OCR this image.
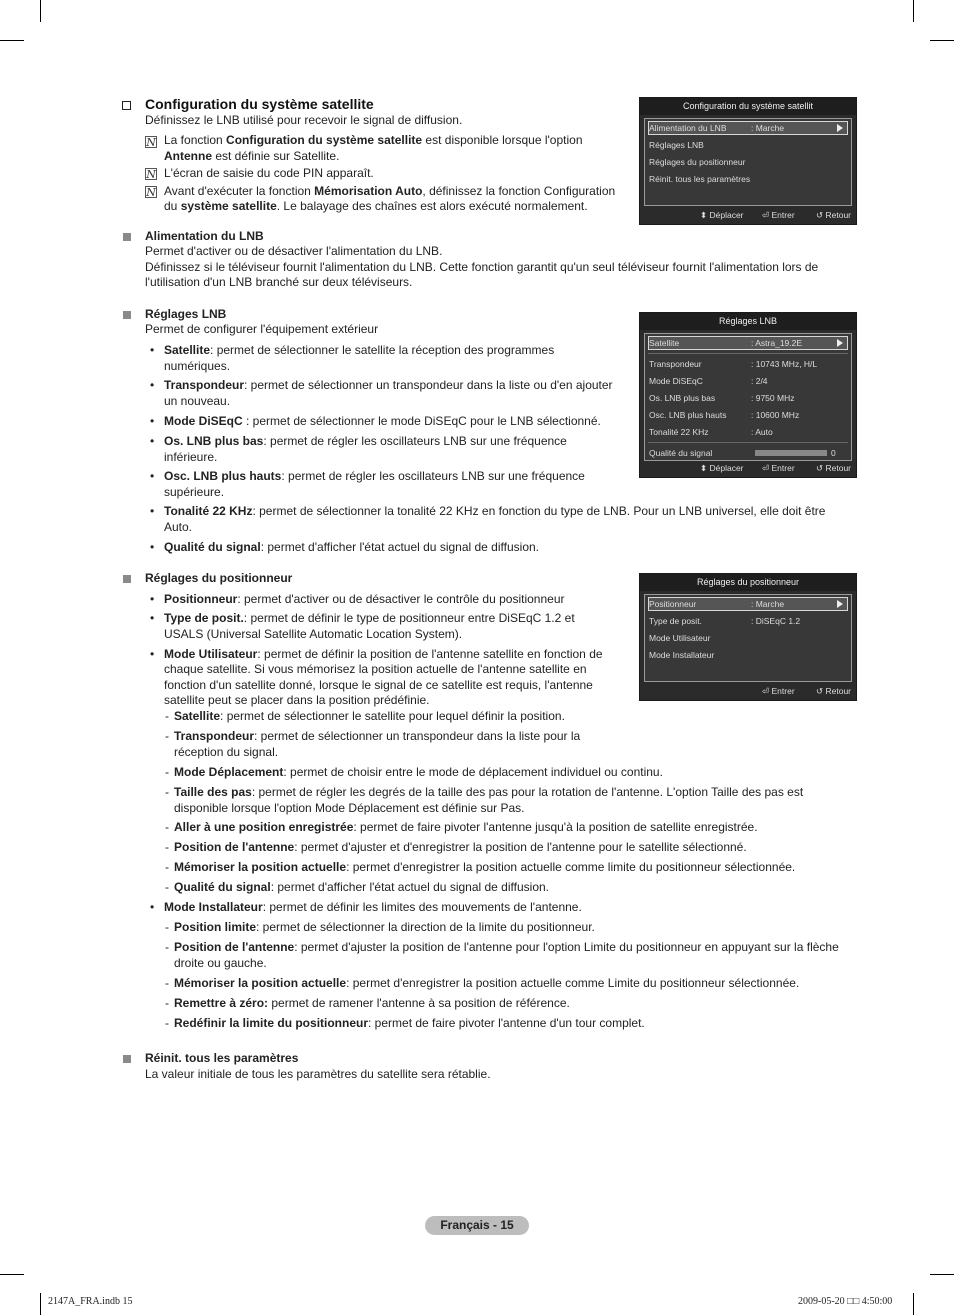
Configuration du système satellite
Définissez le LNB utilisé pour recevoir le signal de diffusion.
N La fonction Configuration du système satellite est disponible lorsque l'option
Antenne est définie sur Satellite.
N L'écran de saisie du code PIN apparaît.
N Avant d'exécuter la fonction Mémorisation Auto, définissez la fonction Configuration
du système satellite. Le balayage des chaînes est alors exécuté normalement.
Alimentation du LNB
Permet d'activer ou de désactiver l'alimentation du LNB.
Définissez si le téléviseur fournit l'alimentation du LNB. Cette fonction garantit qu'un seul téléviseur fournit l'alimentation lors de
l'utilisation d'un LNB branché sur deux téléviseurs.
Réglages LNB
Permet de configurer l'équipement extérieur
• Satellite: permet de sélectionner le satellite la réception des programmes
numériques.
• Transpondeur: permet de sélectionner un transpondeur dans la liste ou d'en ajouter
un nouveau.
• Mode DiSEqC : permet de sélectionner le mode DiSEqC pour le LNB sélectionné.
• Os. LNB plus bas: permet de régler les oscillateurs LNB sur une fréquence
inférieure.
• Osc. LNB plus hauts: permet de régler les oscillateurs LNB sur une fréquence
supérieure.
• Tonalité 22 KHz: permet de sélectionner la tonalité 22 KHz en fonction du type de LNB. Pour un LNB universel, elle doit être
Auto.
• Qualité du signal: permet d'afficher l'état actuel du signal de diffusion.
Réglages du positionneur
• Positionneur: permet d'activer ou de désactiver le contrôle du positionneur
• Type de posit.: permet de définir le type de positionneur entre DiSEqC 1.2 et
USALS (Universal Satellite Automatic Location System).
• Mode Utilisateur: permet de définir la position de l'antenne satellite en fonction de
chaque satellite. Si vous mémorisez la position actuelle de l'antenne satellite en
fonction d'un satellite donné, lorsque le signal de ce satellite est requis, l'antenne
satellite peut se placer dans la position prédéfinie.
- Satellite: permet de sélectionner le satellite pour lequel définir la position.
- Transpondeur: permet de sélectionner un transpondeur dans la liste pour la
réception du signal.
- Mode Déplacement: permet de choisir entre le mode de déplacement individuel ou continu.
- Taille des pas: permet de régler les degrés de la taille des pas pour la rotation de l'antenne. L'option Taille des pas est
disponible lorsque l'option Mode Déplacement est définie sur Pas.
- Aller à une position enregistrée: permet de faire pivoter l'antenne jusqu'à la position de satellite enregistrée.
- Position de l'antenne: permet d'ajuster et d'enregistrer la position de l'antenne pour le satellite sélectionné.
- Mémoriser la position actuelle: permet d'enregistrer la position actuelle comme limite du positionneur sélectionnée.
- Qualité du signal: permet d'afficher l'état actuel du signal de diffusion.
• Mode Installateur: permet de définir les limites des mouvements de l'antenne.
- Position limite: permet de sélectionner la direction de la limite du positionneur.
- Position de l'antenne: permet d'ajuster la position de l'antenne pour l'option Limite du positionneur en appuyant sur la flèche
droite ou gauche.
- Mémoriser la position actuelle: permet d'enregistrer la position actuelle comme Limite du positionneur sélectionnée.
- Remettre à zéro: permet de ramener l'antenne à sa position de référence.
- Redéfinir la limite du positionneur: permet de faire pivoter l'antenne d'un tour complet.
Réinit. tous les paramètres
La valeur initiale de tous les paramètres du satellite sera rétablie.
Configuration du système satellit
Alimentation du LNB	: Marche
Réglages LNB
Réglages du positionneur
Réinit. tous les paramètres
⬍ Déplacer ⏎ Entrer	↺ Retour
Réglages LNB
Satellite	: Astra_19.2E
Transpondeur	: 10743 MHz, H/L
Mode DiSEqC	: 2/4
Os. LNB plus bas	: 9750 MHz
Osc. LNB plus hauts	: 10600 MHz
Tonalité 22 KHz	: Auto
Qualité du signal	0
⬍ Déplacer ⏎ Entrer	↺ Retour
Réglages du positionneur
Positionneur	: Marche
Type de posit.	: DiSEqC 1.2
Mode Utilisateur
Mode Installateur
⏎ Entrer	↺ Retour
Français - 15
2147A_FRA.indb 15	2009-05-20 □□ 4:50:00
